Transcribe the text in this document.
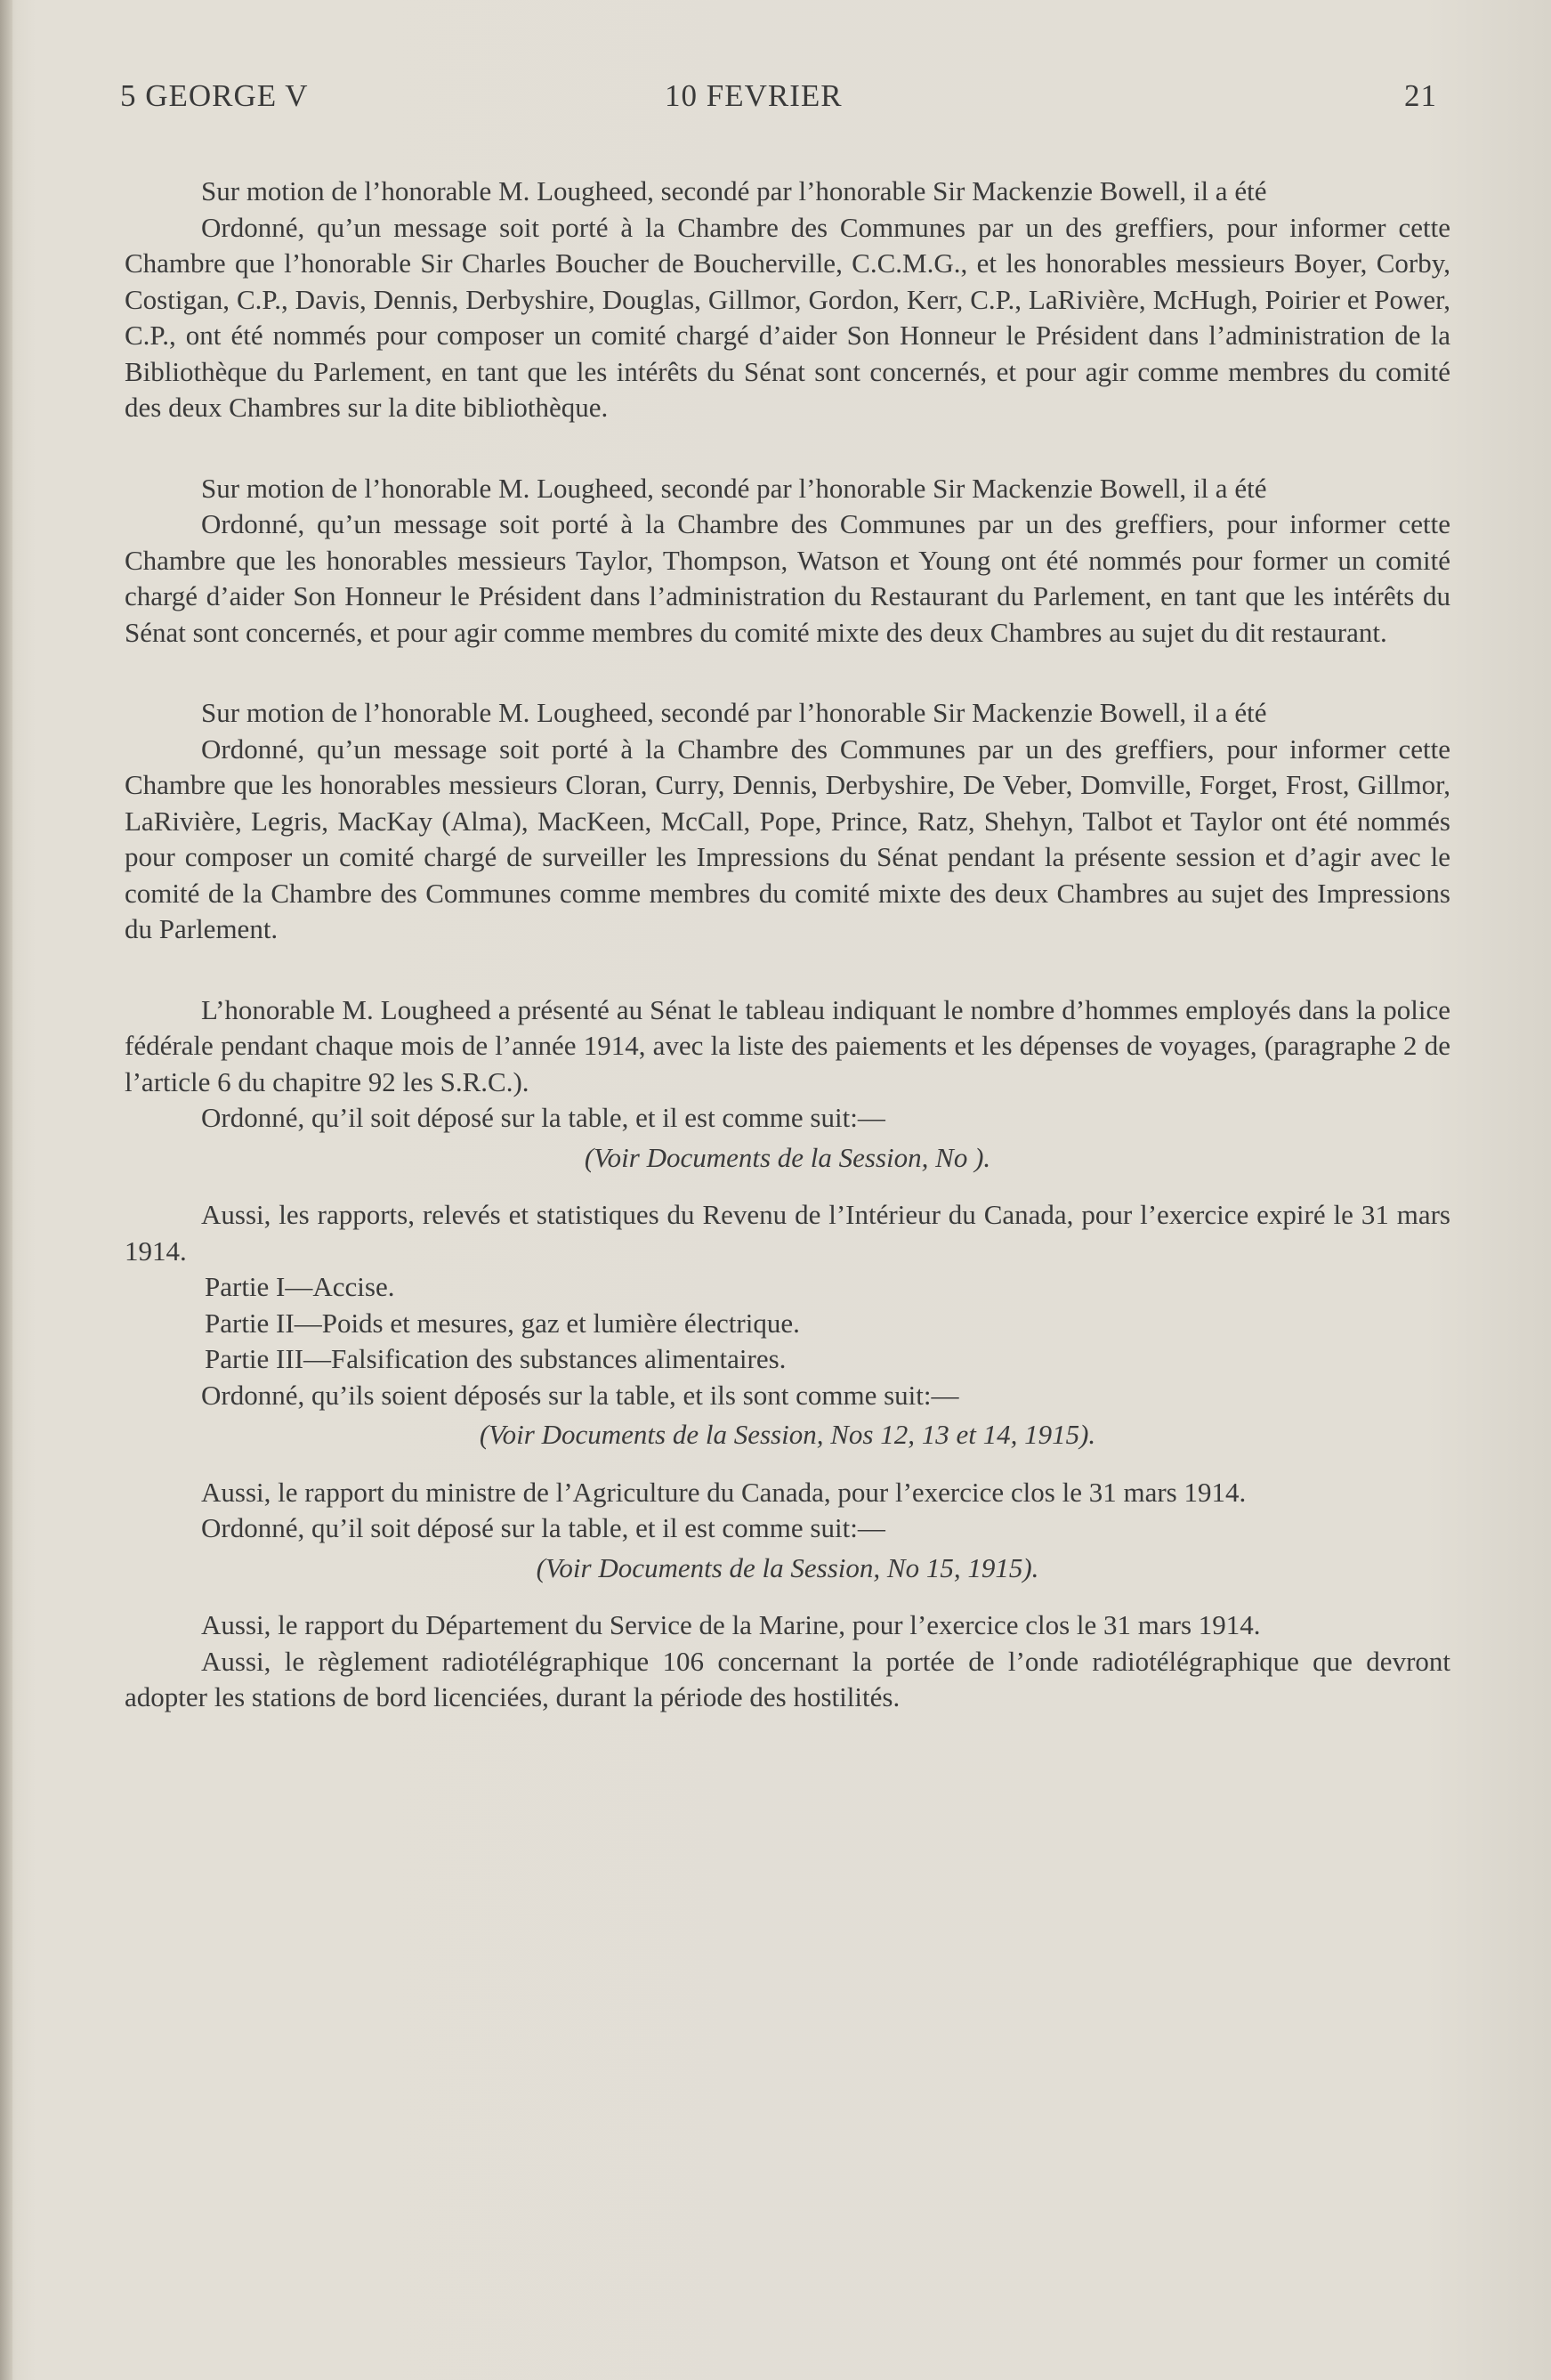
5 GEORGE V	10 FEVRIER	21

Sur motion de l’honorable M. Lougheed, secondé par l’honorable Sir Mackenzie Bowell, il a été

Ordonné, qu’un message soit porté à la Chambre des Communes par un des greffiers, pour informer cette Chambre que l’honorable Sir Charles Boucher de Boucherville, C.C.M.G., et les honorables messieurs Boyer, Corby, Costigan, C.P., Davis, Dennis, Derbyshire, Douglas, Gillmor, Gordon, Kerr, C.P., LaRivière, McHugh, Poirier et Power, C.P., ont été nommés pour composer un comité chargé d’aider Son Honneur le Président dans l’administration de la Bibliothèque du Parlement, en tant que les intérêts du Sénat sont concernés, et pour agir comme membres du comité des deux Chambres sur la dite bibliothèque.

Sur motion de l’honorable M. Lougheed, secondé par l’honorable Sir Mackenzie Bowell, il a été

Ordonné, qu’un message soit porté à la Chambre des Communes par un des greffiers, pour informer cette Chambre que les honorables messieurs Taylor, Thompson, Watson et Young ont été nommés pour former un comité chargé d’aider Son Honneur le Président dans l’administration du Restaurant du Parlement, en tant que les intérêts du Sénat sont concernés, et pour agir comme membres du comité mixte des deux Chambres au sujet du dit restaurant.

Sur motion de l’honorable M. Lougheed, secondé par l’honorable Sir Mackenzie Bowell, il a été

Ordonné, qu’un message soit porté à la Chambre des Communes par un des greffiers, pour informer cette Chambre que les honorables messieurs Cloran, Curry, Dennis, Derbyshire, De Veber, Domville, Forget, Frost, Gillmor, LaRivière, Legris, MacKay (Alma), MacKeen, McCall, Pope, Prince, Ratz, Shehyn, Talbot et Taylor ont été nommés pour composer un comité chargé de surveiller les Impressions du Sénat pendant la présente session et d’agir avec le comité de la Chambre des Communes comme membres du comité mixte des deux Chambres au sujet des Impressions du Parlement.

L’honorable M. Lougheed a présenté au Sénat le tableau indiquant le nombre d’hommes employés dans la police fédérale pendant chaque mois de l’année 1914, avec la liste des paiements et les dépenses de voyages, (paragraphe 2 de l’article 6 du chapitre 92 les S.R.C.).

Ordonné, qu’il soit déposé sur la table, et il est comme suit:—

(Voir Documents de la Session, No ).

Aussi, les rapports, relevés et statistiques du Revenu de l’Intérieur du Canada, pour l’exercice expiré le 31 mars 1914.

Partie I—Accise.

Partie II—Poids et mesures, gaz et lumière électrique.

Partie III—Falsification des substances alimentaires.

Ordonné, qu’ils soient déposés sur la table, et ils sont comme suit:—

(Voir Documents de la Session, Nos 12, 13 et 14, 1915).

Aussi, le rapport du ministre de l’Agriculture du Canada, pour l’exercice clos le 31 mars 1914.

Ordonné, qu’il soit déposé sur la table, et il est comme suit:—

(Voir Documents de la Session, No 15, 1915).

Aussi, le rapport du Département du Service de la Marine, pour l’exercice clos le 31 mars 1914.

Aussi, le règlement radiotélégraphique 106 concernant la portée de l’onde radiotélégraphique que devront adopter les stations de bord licenciées, durant la période des hostilités.
